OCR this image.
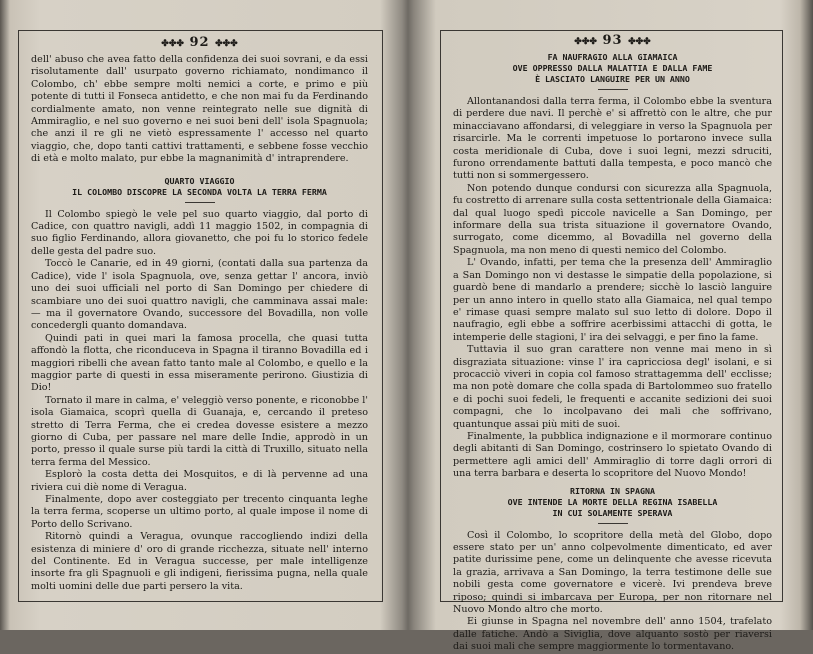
✤✤✤ 92 ✤✤✤

dell' abuso che avea fatto della confidenza dei suoi sovrani, e da essi risolutamente dall' usurpato governo richiamato, nondimanco il Colombo, ch' ebbe sempre molti nemici a corte, e primo e più potente di tutti il Fonseca antidetto, e che non mai fu da Ferdinando cordialmente amato, non venne reintegrato nelle sue dignità di Ammiraglio, e nel suo governo e nei suoi beni dell' isola Spagnuola; che anzi il re gli ne vietò espressamente l' accesso nel quarto viaggio, che, dopo tanti cattivi trattamenti, e sebbene fosse vecchio di età e molto malato, pur ebbe la magnanimità d' intraprendere.

QUARTO VIAGGIO
IL COLOMBO DISCOPRE LA SECONDA VOLTA LA TERRA FERMA

Il Colombo spiegò le vele pel suo quarto viaggio, dal porto di Cadice, con quattro navigli, addì 11 maggio 1502, in compagnia di suo figlio Ferdinando, allora giovanetto, che poi fu lo storico fedele delle gesta del padre suo.

Toccò le Canarie, ed in 49 giorni, (contati dalla sua partenza da Cadice), vide l' isola Spagnuola, ove, senza gettar l' ancora, inviò uno dei suoi ufficiali nel porto di San Domingo per chiedere di scambiare uno dei suoi quattro navigli, che camminava assai male: — ma il governatore Ovando, successore del Bovadilla, non volle concedergli quanto domandava.

Quindi pati in quei mari la famosa procella, che quasi tutta affondò la flotta, che riconduceva in Spagna il tiranno Bovadilla ed i maggiori ribelli che avean fatto tanto male al Colombo, e quello e la maggior parte di questi in essa miseramente perirono. Giustizia di Dio!

Tornato il mare in calma, e' veleggiò verso ponente, e riconobbe l' isola Giamaica, scoprì quella di Guanaja, e, cercando il preteso stretto di Terra Ferma, che ei credea dovesse esistere a mezzo giorno di Cuba, per passare nel mare delle Indie, approdò in un porto, presso il quale surse più tardi la città di Truxillo, situato nella terra ferma del Messico.

Esplorò la costa detta dei Mosquitos, e di là pervenne ad una riviera cui diè nome di Veragua.

Finalmente, dopo aver costeggiato per trecento cinquanta leghe la terra ferma, scoperse un ultimo porto, al quale impose il nome di Porto dello Scrivano.

Ritornò quindi a Veragua, ovunque raccogliendo indizi della esistenza di miniere d' oro di grande ricchezza, situate nell' interno del Continente. Ed in Veragua successe, per male intelligenze insorte fra gli Spagnuoli e gli indigeni, fierissima pugna, nella quale molti uomini delle due parti persero la vita.

✤✤✤ 93 ✤✤✤
FA NAUFRAGIO ALLA GIAMAICA
OVE OPPRESSO DALLA MALATTIA E DALLA FAME
È LASCIATO LANGUIRE PER UN ANNO

Allontanandosi dalla terra ferma, il Colombo ebbe la sventura di perdere due navi. Il perchè e' si affrettò con le altre, che pur minacciavano affondarsi, di veleggiare in verso la Spagnuola per risarcirle. Ma le correnti impetuose lo portarono invece sulla costa meridionale di Cuba, dove i suoi legni, mezzi sdruciti, furono orrendamente battuti dalla tempesta, e poco mancò che tutti non si sommergessero.

Non potendo dunque condursi con sicurezza alla Spagnuola, fu costretto di arrenare sulla costa settentrionale della Giamaica: dal qual luogo spedì piccole navicelle a San Domingo, per informare della sua trista situazione il governatore Ovando, surrogato, come dicemmo, al Bovadilla nel governo della Spagnuola, ma non meno di questi nemico del Colombo.

L' Ovando, infatti, per tema che la presenza dell' Ammiraglio a San Domingo non vi destasse le simpatie della popolazione, si guardò bene di mandarlo a prendere; sicchè lo lasciò languire per un anno intero in quello stato alla Giamaica, nel qual tempo e' rimase quasi sempre malato sul suo letto di dolore. Dopo il naufragio, egli ebbe a soffrire acerbissimi attacchi di gotta, le intemperie delle stagioni, l' ira dei selvaggi, e per fino la fame.

Tuttavia il suo gran carattere non venne mai meno in sì disgraziata situazione: vinse l' ira capricciosa degl' isolani, e si procacciò viveri in copia col famoso strattagemma dell' ecclisse; ma non potè domare che colla spada di Bartolommeo suo fratello e di pochi suoi fedeli, le frequenti e accanite sedizioni dei suoi compagni, che lo incolpavano dei mali che soffrivano, quantunque assai più miti de suoi.

Finalmente, la pubblica indignazione e il mormorare continuo degli abitanti di San Domingo, costrinsero lo spietato Ovando di permettere agli amici dell' Ammiraglio di torre dagli orrori di una terra barbara e deserta lo scopritore del Nuovo Mondo!

RITORNA IN SPAGNA
OVE INTENDE LA MORTE DELLA REGINA ISABELLA
IN CUI SOLAMENTE SPERAVA

Così il Colombo, lo scopritore della metà del Globo, dopo essere stato per un' anno colpevolmente dimenticato, ed aver patite durissime pene, come un delinquente che avesse ricevuta la grazia, arrivava a San Domingo, la terra testimone delle sue nobili gesta come governatore e vicerè. Ivi prendeva breve riposo; quindi si imbarcava per Europa, per non ritornare nel Nuovo Mondo altro che morto.

Ei giunse in Spagna nel novembre dell' anno 1504, trafelato dalle fatiche. Andò a Siviglia, dove alquanto sostò per riaversi dai suoi mali che sempre maggiormente lo tormentavano.
